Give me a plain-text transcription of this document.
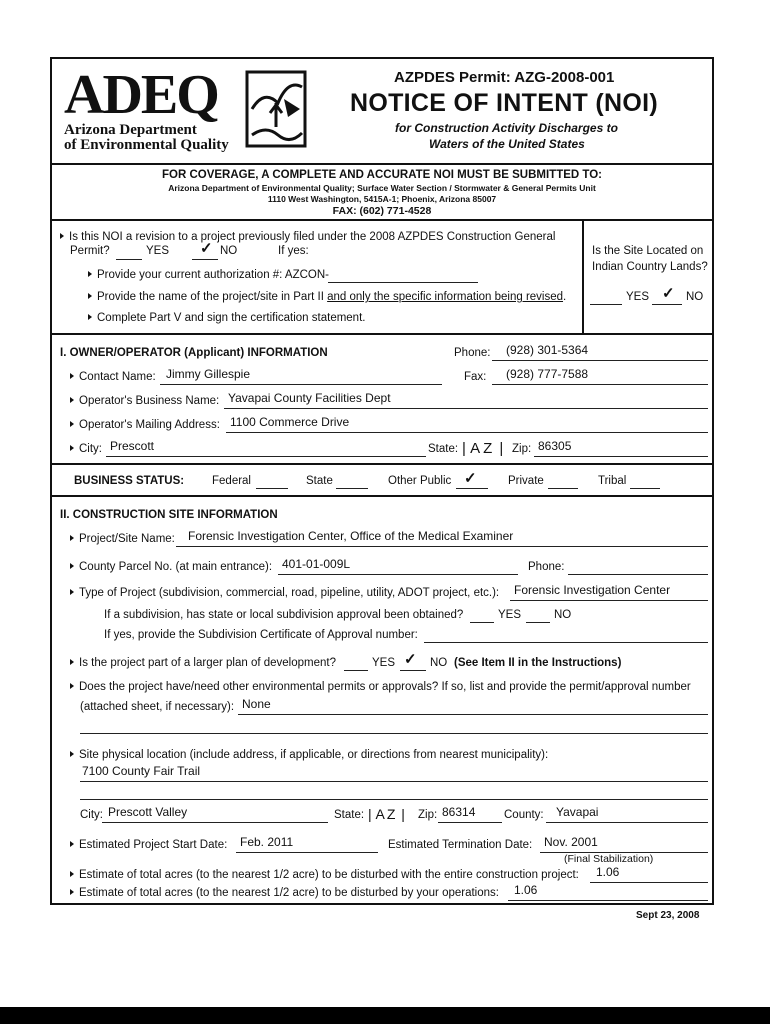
ADEQ
Arizona Department
of Environmental Quality
AZPDES Permit: AZG-2008-001
NOTICE OF INTENT (NOI)
for Construction Activity Discharges to
Waters of the United States
FOR COVERAGE, A COMPLETE AND ACCURATE NOI MUST BE SUBMITTED TO:
Arizona Department of Environmental Quality; Surface Water Section / Stormwater & General Permits Unit
1110 West Washington, 5415A-1; Phoenix, Arizona 85007
FAX: (602) 771-4528
Is this NOI a revision to a project previously filed under the 2008 AZPDES Construction General
Permit?	YES ✓ NO	If yes:
Provide your current authorization #: AZCON-
Provide the name of the project/site in Part II and only the specific information being revised.
Complete Part V and sign the certification statement.
Is the Site Located on
Indian Country Lands?
YES ✓ NO
I. OWNER/OPERATOR (Applicant) INFORMATION	Phone: (928) 301-5364
Contact Name: Jimmy Gillespie	Fax: (928) 777-7588
Operator's Business Name: Yavapai County Facilities Dept
Operator's Mailing Address: 1100 Commerce Drive
City: Prescott	State: | AZ | Zip: 86305
BUSINESS STATUS: Federal	State	Other Public ✓	Private	Tribal
II. CONSTRUCTION SITE INFORMATION
Project/Site Name: Forensic Investigation Center, Office of the Medical Examiner
County Parcel No. (at main entrance): 401-01-009L	Phone:
Type of Project (subdivision, commercial, road, pipeline, utility, ADOT project, etc.): Forensic Investigation Center
If a subdivision, has state or local subdivision approval been obtained?	YES	NO
If yes, provide the Subdivision Certificate of Approval number:
Is the project part of a larger plan of development?	YES ✓ NO (See Item II in the Instructions)
Does the project have/need other environmental permits or approvals? If so, list and provide the permit/approval number
(attached sheet, if necessary): None
Site physical location (include address, if applicable, or directions from nearest municipality):
7100 County Fair Trail
City: Prescott Valley	State: | AZ | Zip: 86314 County: Yavapai
Estimated Project Start Date: Feb. 2011	Estimated Termination Date: Nov. 2001
(Final Stabilization)
Estimate of total acres (to the nearest 1/2 acre) to be disturbed with the entire construction project: 1.06
Estimate of total acres (to the nearest 1/2 acre) to be disturbed by your operations: 1.06
Sept 23, 2008
